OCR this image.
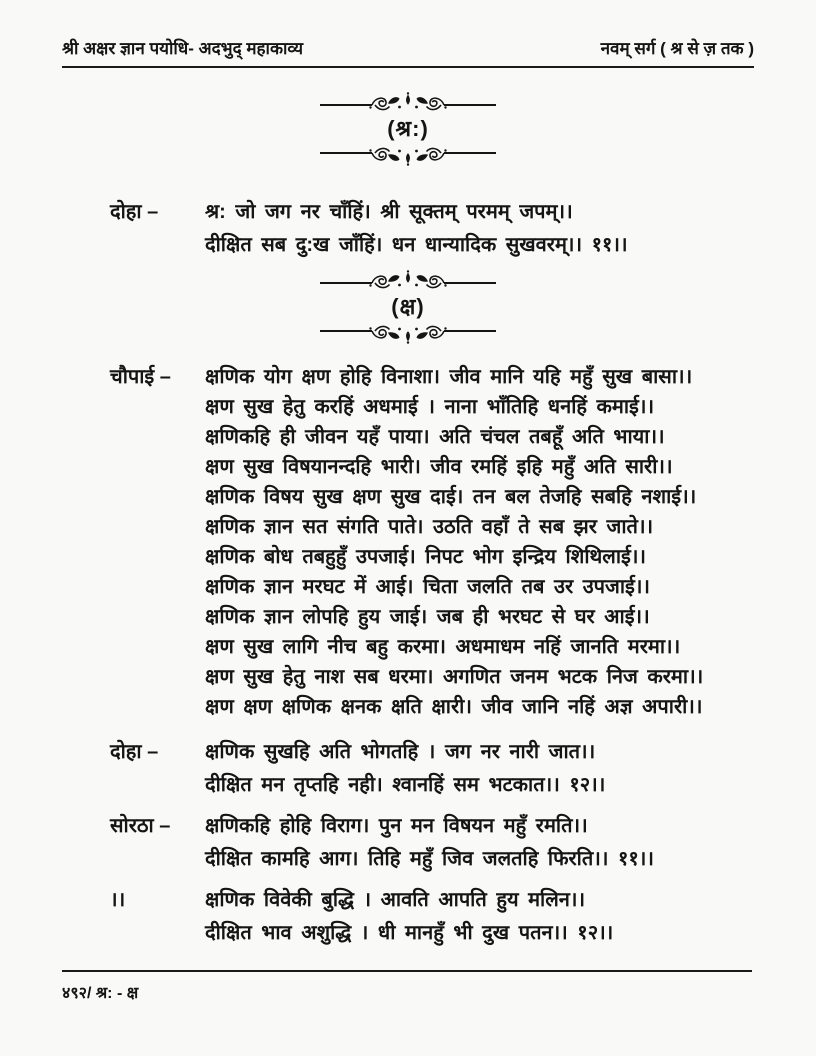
श्री अक्षर ज्ञान पयोधि- अदभुद् महाकाव्य	नवम् सर्ग ( श्र से ज़ तक )
(श्र:)
दोहा –	श्र: जो जग नर चाँहिं। श्री सूक्तम् परमम् जपम्।।
दीक्षित सब दु:ख जाँहिं। धन धान्यादिक सुखवरम्।। ११।।
(क्ष)
चौपाई –	क्षणिक योग क्षण होहि विनाशा। जीव मानि यहि महुँ सुख बासा।।
क्षण सुख हेतु करहिं अधमाई । नाना भाँतिहि धनहिं कमाई।।
क्षणिकहि ही जीवन यहँ पाया। अति चंचल तबहूँ अति भाया।।
क्षण सुख विषयानन्दहि भारी। जीव रमहिं इहि महुँ अति सारी।।
क्षणिक विषय सुख क्षण सुख दाई। तन बल तेजहि सबहि नशाई।।
क्षणिक ज्ञान सत संगति पाते। उठति वहाँ ते सब झर जाते।।
क्षणिक बोध तबहुहुँ उपजाई। निपट भोग इन्द्रिय शिथिलाई।।
क्षणिक ज्ञान मरघट में आई। चिता जलति तब उर उपजाई।।
क्षणिक ज्ञान लोपहि हुय जाई। जब ही भरघट से घर आई।।
क्षण सुख लागि नीच बहु करमा। अधमाधम नहिं जानति मरमा।।
क्षण सुख हेतु नाश सब धरमा। अगणित जनम भटक निज करमा।।
क्षण क्षण क्षणिक क्षनक क्षति क्षारी। जीव जानि नहिं अज्ञ अपारी।।
दोहा –	क्षणिक सुखहि अति भोगतहि । जग नर नारी जात।।
दीक्षित मन तृप्तहि नही। श्वानहिं सम भटकात।। १२।।
सोरठा –	क्षणिकहि होहि विराग। पुन मन विषयन महुँ रमति।।
दीक्षित कामहि आग। तिहि महुँ जिव जलतहि फिरति।। ११।।
।।	क्षणिक विवेकी बुद्धि । आवति आपति हुय मलिन।।
दीक्षित भाव अशुद्धि । धी मानहुँ भी दुख पतन।। १२।।
४९२/ श्र: - क्ष
